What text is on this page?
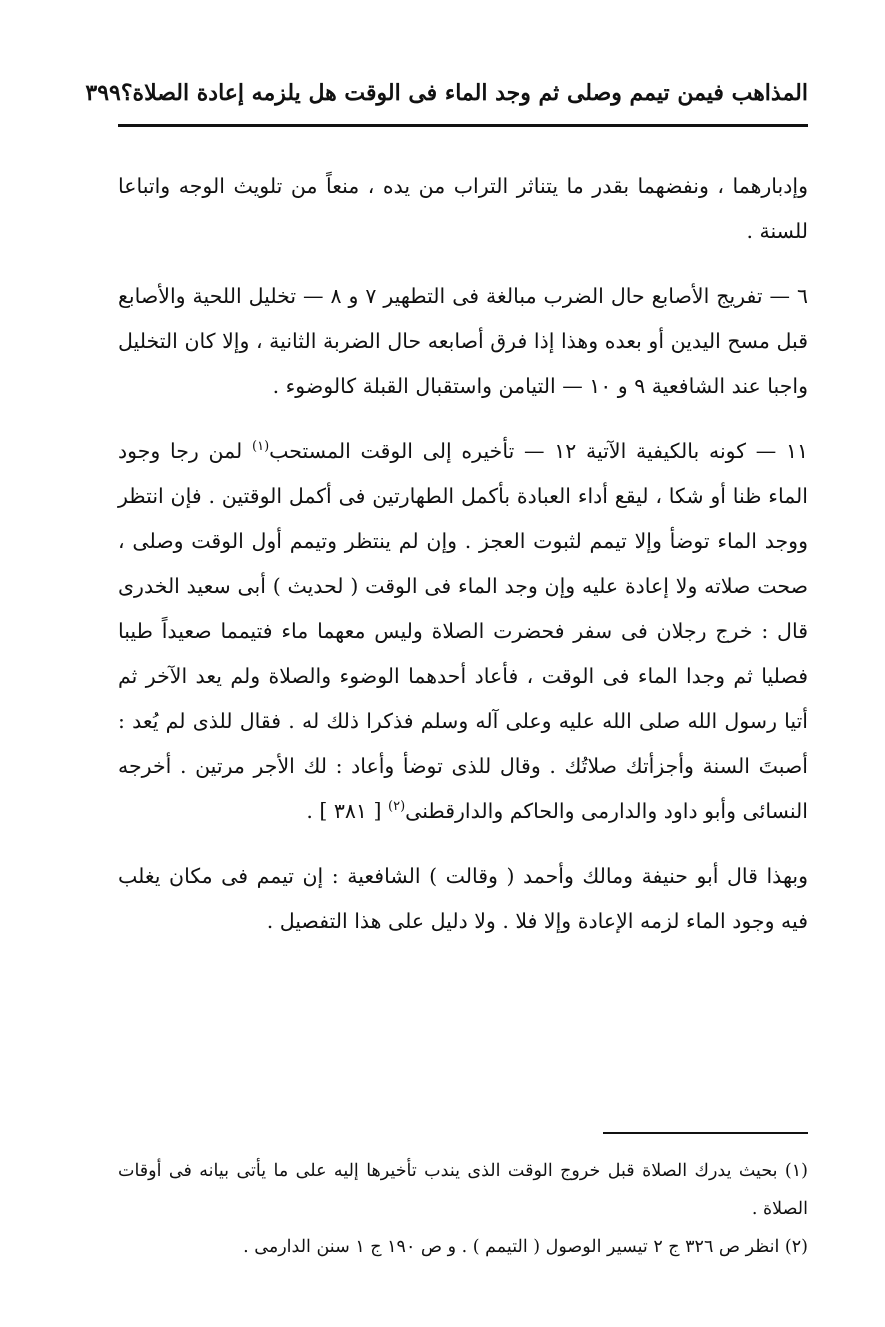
المذاهب فيمن تيمم وصلى ثم وجد الماء فى الوقت هل يلزمه إعادة الصلاة؟
٣٩٩

وإدبارهما ، ونفضهما بقدر ما يتناثر التراب من يده ، منعاً من تلويث الوجه واتباعا للسنة .

٦ — تفريج الأصابع حال الضرب مبالغة فى التطهير ٧ و ٨ — تخليل اللحية والأصابع قبل مسح اليدين أو بعده وهذا إذا فرق أصابعه حال الضربة الثانية ، وإلا كان التخليل واجبا عند الشافعية ٩ و ١٠ — التيامن واستقبال القبلة كالوضوء .

١١ — كونه بالكيفية الآتية ١٢ — تأخيره إلى الوقت المستحب$^{(١)}$ لمن رجا وجود الماء ظنا أو شكا ، ليقع أداء العبادة بأكمل الطهارتين فى أكمل الوقتين . فإن انتظر ووجد الماء توضأ وإلا تيمم لثبوت العجز . وإن لم ينتظر وتيمم أول الوقت وصلى ، صحت صلاته ولا إعادة عليه وإن وجد الماء فى الوقت ( لحديث ) أبى سعيد الخدرى قال : خرج رجلان فى سفر فحضرت الصلاة وليس معهما ماء فتيمما صعيداً طيبا فصليا ثم وجدا الماء فى الوقت ، فأعاد أحدهما الوضوء والصلاة ولم يعد الآخر ثم أتيا رسول الله صلى الله عليه وعلى آله وسلم فذكرا ذلك له . فقال للذى لم يُعد : أصبتَ السنة وأجزأتك صلاتُك . وقال للذى توضأ وأعاد : لك الأجر مرتين . أخرجه النسائى وأبو داود والدارمى والحاكم والدارقطنى$^{(٢)}$ [ ٣٨١ ] .

وبهذا قال أبو حنيفة ومالك وأحمد ( وقالت ) الشافعية : إن تيمم فى مكان يغلب فيه وجود الماء لزمه الإعادة وإلا فلا . ولا دليل على هذا التفصيل .

(١) بحيث يدرك الصلاة قبل خروج الوقت الذى يندب تأخيرها إليه على ما يأتى بيانه فى أوقات الصلاة .

(٢) انظر ص ٣٢٦ ج ٢ تيسير الوصول ( التيمم ) . و ص ١٩٠ ج ١ سنن الدارمى .
